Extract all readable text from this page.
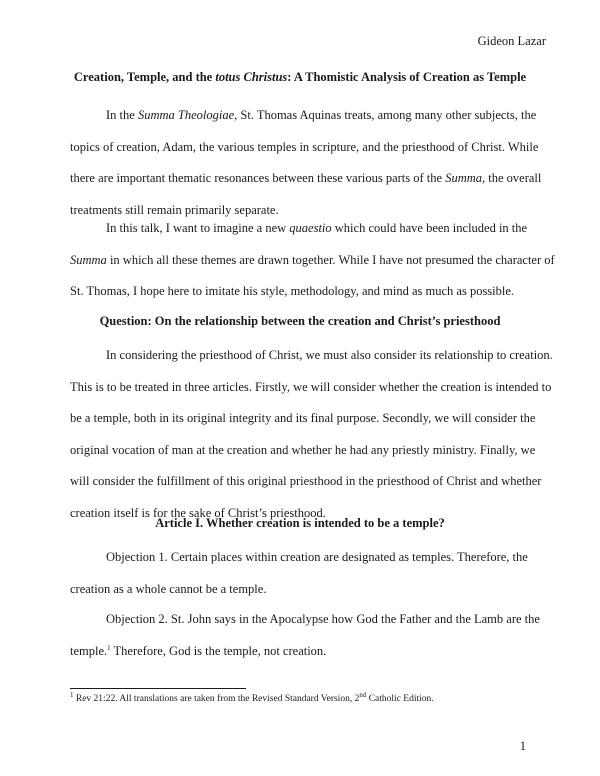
Gideon Lazar
Creation, Temple, and the totus Christus: A Thomistic Analysis of Creation as Temple
In the Summa Theologiae, St. Thomas Aquinas treats, among many other subjects, the
topics of creation, Adam, the various temples in scripture, and the priesthood of Christ. While
there are important thematic resonances between these various parts of the Summa, the overall
treatments still remain primarily separate.
In this talk, I want to imagine a new quaestio which could have been included in the
Summa in which all these themes are drawn together. While I have not presumed the character of
St. Thomas, I hope here to imitate his style, methodology, and mind as much as possible.
Question: On the relationship between the creation and Christ’s priesthood
In considering the priesthood of Christ, we must also consider its relationship to creation.
This is to be treated in three articles. Firstly, we will consider whether the creation is intended to
be a temple, both in its original integrity and its final purpose. Secondly, we will consider the
original vocation of man at the creation and whether he had any priestly ministry. Finally, we
will consider the fulfillment of this original priesthood in the priesthood of Christ and whether
creation itself is for the sake of Christ’s priesthood.
Article I. Whether creation is intended to be a temple?
Objection 1. Certain places within creation are designated as temples. Therefore, the
creation as a whole cannot be a temple.
Objection 2. St. John says in the Apocalypse how God the Father and the Lamb are the
temple.$^1$ Therefore, God is the temple, not creation.
$^1$ Rev 21:22. All translations are taken from the Revised Standard Version, 2nd Catholic Edition.
1
